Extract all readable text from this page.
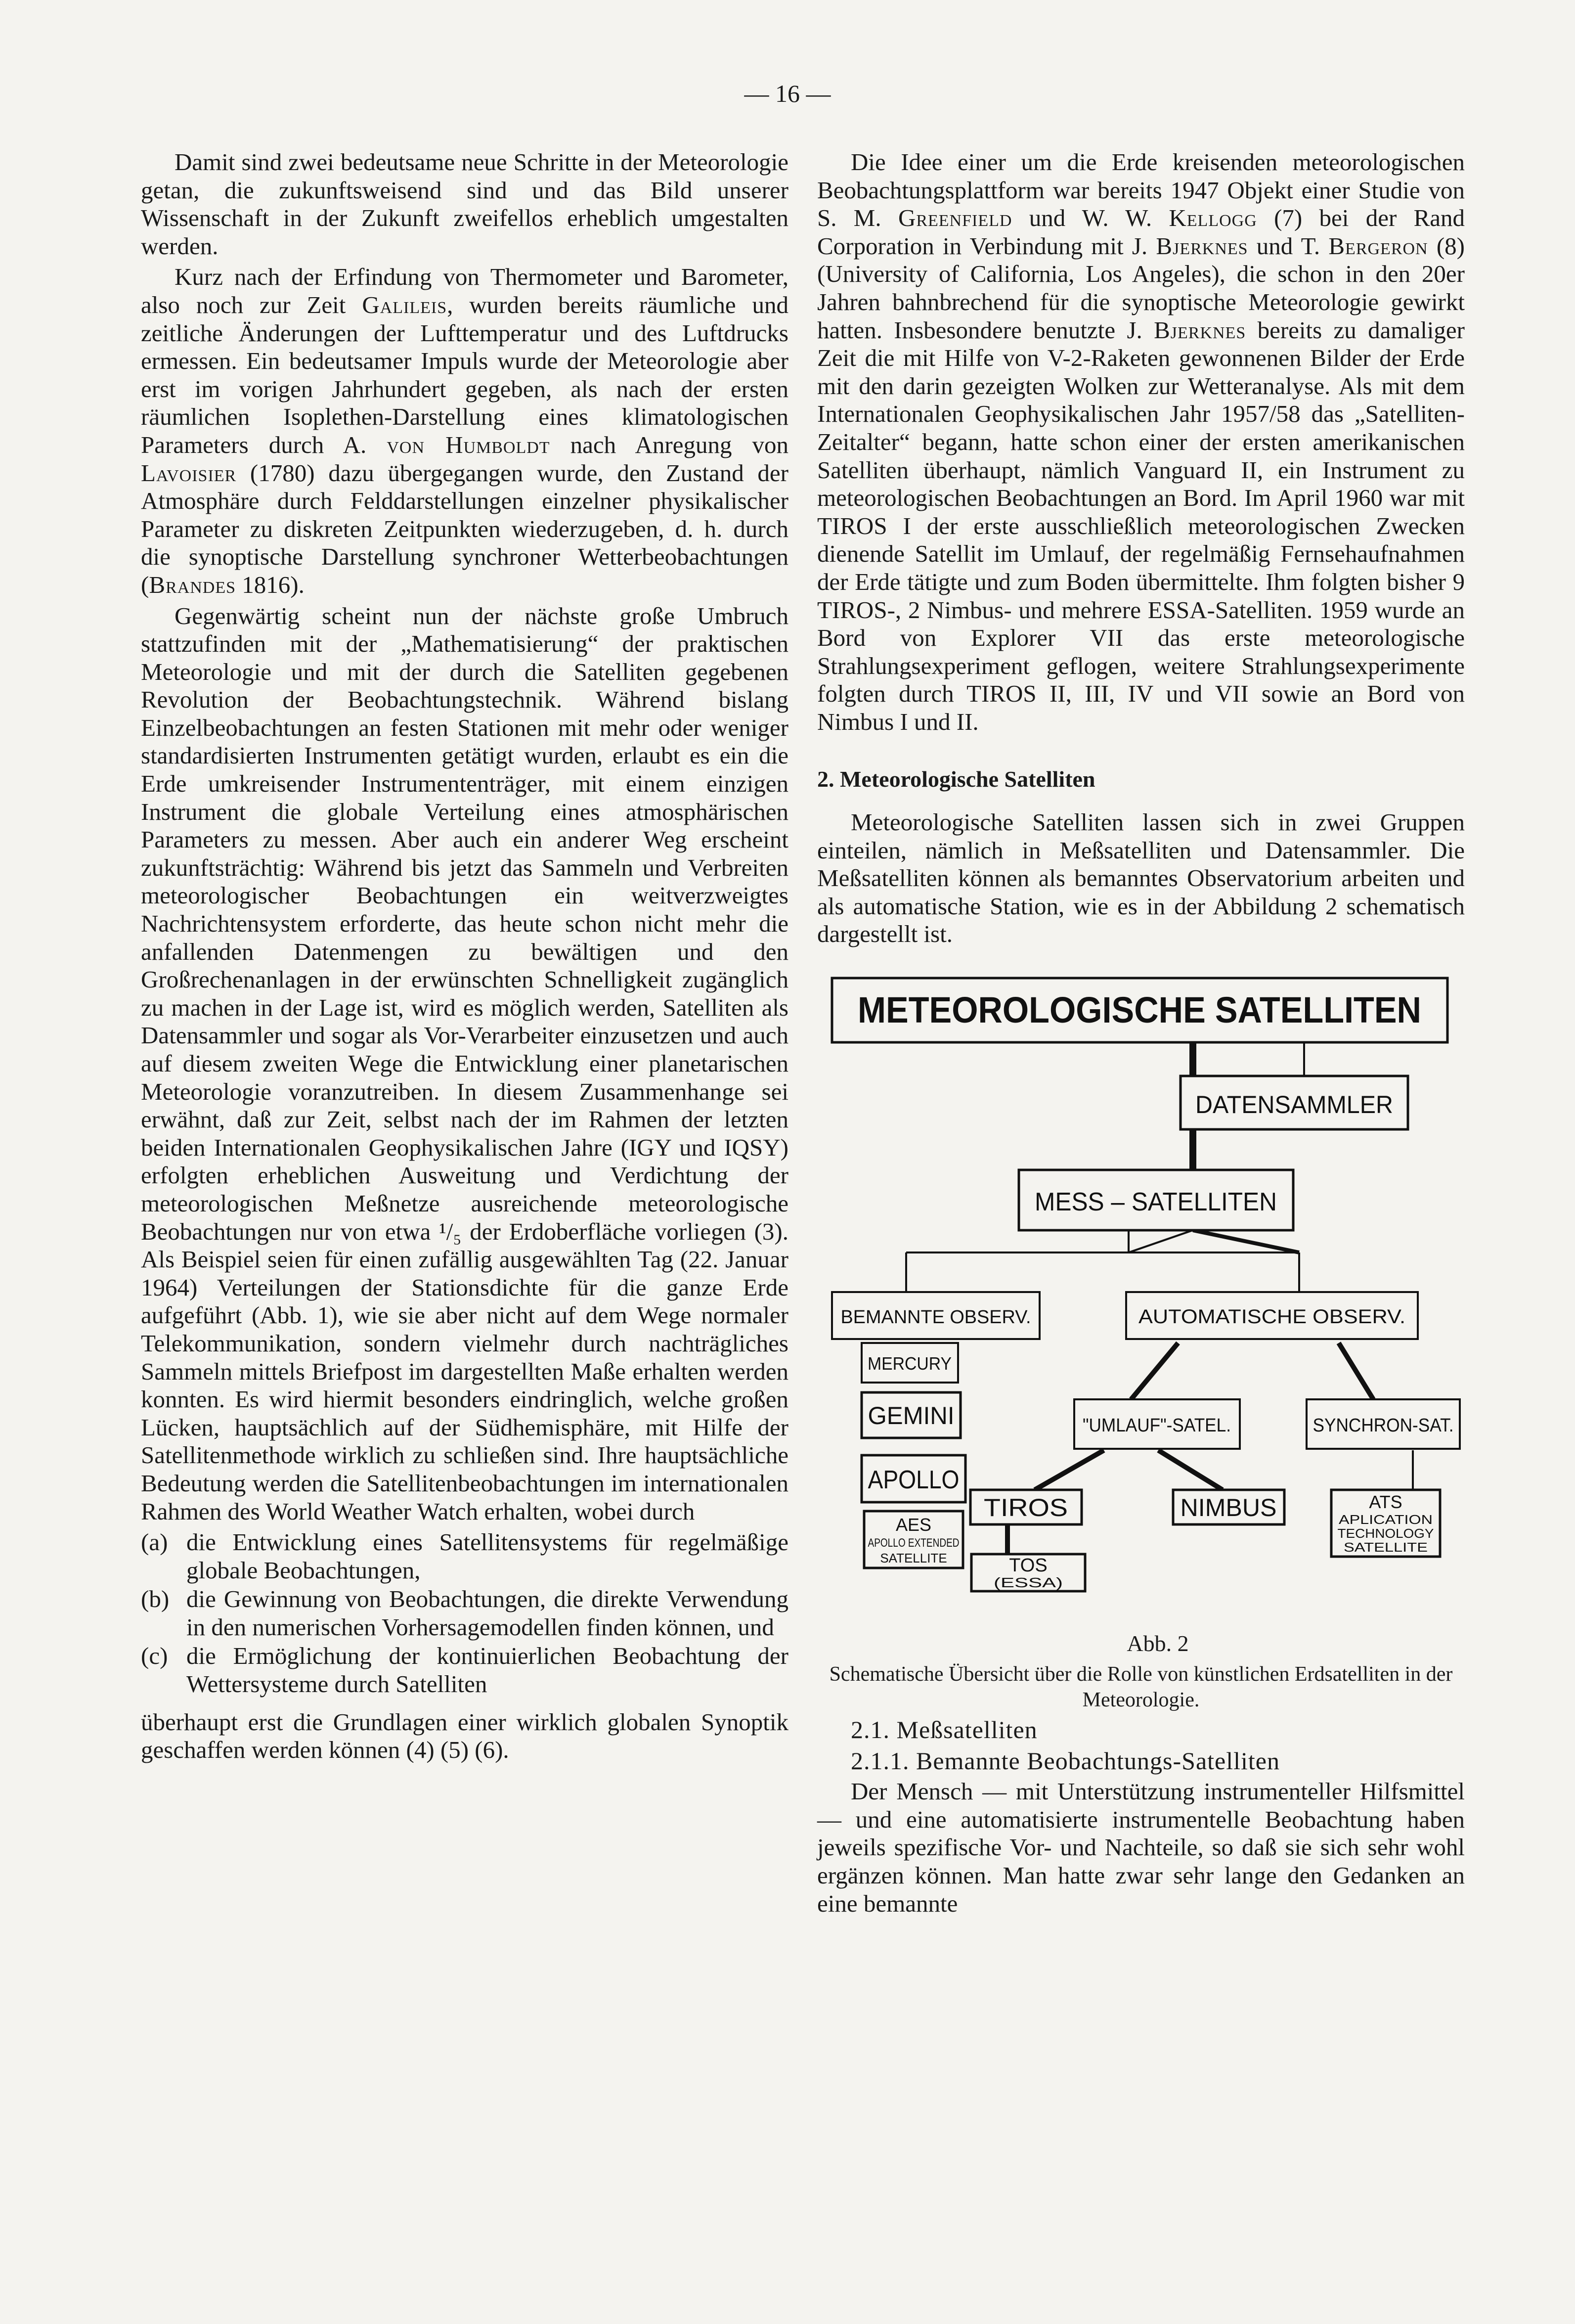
— 16 —

Damit sind zwei bedeutsame neue Schritte in der Meteorologie getan, die zukunftsweisend sind und das Bild unserer Wissenschaft in der Zukunft zweifellos erheblich umgestalten werden.

Kurz nach der Erfindung von Thermometer und Barometer, also noch zur Zeit Galileis, wurden bereits räumliche und zeitliche Änderungen der Lufttemperatur und des Luftdrucks ermessen. Ein bedeutsamer Impuls wurde der Meteorologie aber erst im vorigen Jahrhundert gegeben, als nach der ersten räumlichen Isoplethen-Darstellung eines klimatologischen Parameters durch A. von Humboldt nach Anregung von Lavoisier (1780) dazu übergegangen wurde, den Zustand der Atmosphäre durch Felddarstellungen einzelner physikalischer Parameter zu diskreten Zeitpunkten wiederzugeben, d. h. durch die synoptische Darstellung synchroner Wetterbeobachtungen (Brandes 1816).

Gegenwärtig scheint nun der nächste große Umbruch stattzufinden mit der „Mathematisierung“ der praktischen Meteorologie und mit der durch die Satelliten gegebenen Revolution der Beobachtungstechnik. Während bislang Einzelbeobachtungen an festen Stationen mit mehr oder weniger standardisierten Instrumenten getätigt wurden, erlaubt es ein die Erde umkreisender Instrumententräger, mit einem einzigen Instrument die globale Verteilung eines atmosphärischen Parameters zu messen. Aber auch ein anderer Weg erscheint zukunftsträchtig: Während bis jetzt das Sammeln und Verbreiten meteorologischer Beobachtungen ein weitverzweigtes Nachrichtensystem erforderte, das heute schon nicht mehr die anfallenden Datenmengen zu bewältigen und den Großrechenanlagen in der erwünschten Schnelligkeit zugänglich zu machen in der Lage ist, wird es möglich werden, Satelliten als Datensammler und sogar als Vor-Verarbeiter einzusetzen und auch auf diesem zweiten Wege die Entwicklung einer planetarischen Meteorologie voranzutreiben. In diesem Zusammenhange sei erwähnt, daß zur Zeit, selbst nach der im Rahmen der letzten beiden Internationalen Geophysikalischen Jahre (IGY und IQSY) erfolgten erheblichen Ausweitung und Verdichtung der meteorologischen Meßnetze ausreichende meteorologische Beobachtungen nur von etwa ¹/₅ der Erdoberfläche vorliegen (3). Als Beispiel seien für einen zufällig ausgewählten Tag (22. Januar 1964) Verteilungen der Stationsdichte für die ganze Erde aufgeführt (Abb. 1), wie sie aber nicht auf dem Wege normaler Telekommunikation, sondern vielmehr durch nachträgliches Sammeln mittels Briefpost im dargestellten Maße erhalten werden konnten. Es wird hiermit besonders eindringlich, welche großen Lücken, hauptsächlich auf der Südhemisphäre, mit Hilfe der Satellitenmethode wirklich zu schließen sind. Ihre hauptsächliche Bedeutung werden die Satellitenbeobachtungen im internationalen Rahmen des World Weather Watch erhalten, wobei durch

(a) die Entwicklung eines Satellitensystems für regelmäßige globale Beobachtungen,
(b) die Gewinnung von Beobachtungen, die direkte Verwendung in den numerischen Vorhersagemodellen finden können, und
(c) die Ermöglichung der kontinuierlichen Beobachtung der Wettersysteme durch Satelliten

überhaupt erst die Grundlagen einer wirklich globalen Synoptik geschaffen werden können (4) (5) (6).

Die Idee einer um die Erde kreisenden meteorologischen Beobachtungsplattform war bereits 1947 Objekt einer Studie von S. M. Greenfield und W. W. Kellogg (7) bei der Rand Corporation in Verbindung mit J. Bjerknes und T. Bergeron (8) (University of California, Los Angeles), die schon in den 20er Jahren bahnbrechend für die synoptische Meteorologie gewirkt hatten. Insbesondere benutzte J. Bjerknes bereits zu damaliger Zeit die mit Hilfe von V-2-Raketen gewonnenen Bilder der Erde mit den darin gezeigten Wolken zur Wetteranalyse. Als mit dem Internationalen Geophysikalischen Jahr 1957/58 das „Satelliten-Zeitalter“ begann, hatte schon einer der ersten amerikanischen Satelliten überhaupt, nämlich Vanguard II, ein Instrument zu meteorologischen Beobachtungen an Bord. Im April 1960 war mit TIROS I der erste ausschließlich meteorologischen Zwecken dienende Satellit im Umlauf, der regelmäßig Fernsehaufnahmen der Erde tätigte und zum Boden übermittelte. Ihm folgten bisher 9 TIROS-, 2 Nimbus- und mehrere ESSA-Satelliten. 1959 wurde an Bord von Explorer VII das erste meteorologische Strahlungsexperiment geflogen, weitere Strahlungsexperimente folgten durch TIROS II, III, IV und VII sowie an Bord von Nimbus I und II.

2. Meteorologische Satelliten

Meteorologische Satelliten lassen sich in zwei Gruppen einteilen, nämlich in Meßsatelliten und Datensammler. Die Meßsatelliten können als bemanntes Observatorium arbeiten und als automatische Station, wie es in der Abbildung 2 schematisch dargestellt ist.

METEOROLOGISCHE SATELLITEN
DATENSAMMLER
MESS – SATELLITEN
BEMANNTE OBSERV.	AUTOMATISCHE OBSERV.
MERCURY
GEMINI
APOLLO
AES
APOLLO EXTENDED
SATELLITE
"UMLAUF"-SATEL.	SYNCHRON-SAT.
TIROS	NIMBUS
TOS
(ESSA)
ATS
APLICATION
TECHNOLOGY
SATELLITE

Abb. 2
Schematische Übersicht über die Rolle von künstlichen Erdsatelliten in der Meteorologie.

2.1. Meßsatelliten

2.1.1. Bemannte Beobachtungs-Satelliten

Der Mensch — mit Unterstützung instrumenteller Hilfsmittel — und eine automatisierte instrumentelle Beobachtung haben jeweils spezifische Vor- und Nachteile, so daß sie sich sehr wohl ergänzen können. Man hatte zwar sehr lange den Gedanken an eine bemannte
